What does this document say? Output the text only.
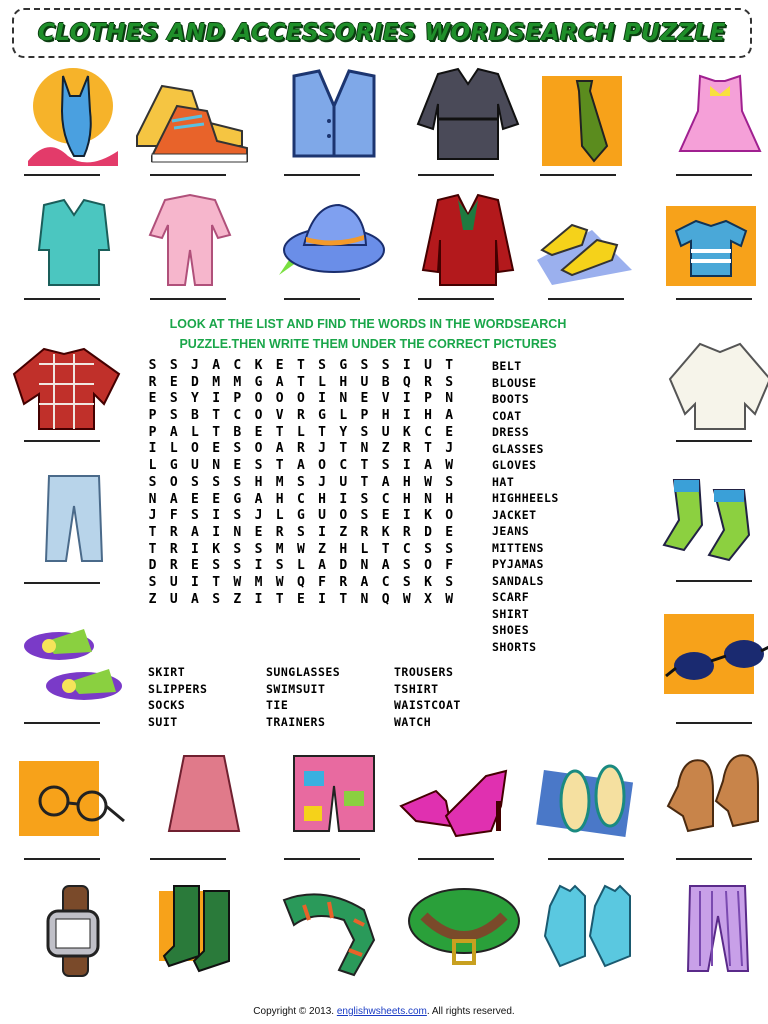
CLOTHES AND ACCESSORIES WORDSEARCH PUZZLE
LOOK AT THE LIST AND FIND THE WORDS IN THE WORDSEARCH
PUZZLE.THEN WRITE THEM UNDER THE CORRECT PICTURES
S	S	J	A	C	K	E	T	S	G	S	S	I	U	T
R	E	D	M	M	G	A	T	L	H	U	B	Q	R	S
E	S	Y	I	P	O	O	O	I	N	E	V	I	P	N
P	S	B	T	C	O	V	R	G	L	P	H	I	H	A
P	A	L	T	B	E	T	L	T	Y	S	U	K	C	E
I	L	O	E	S	O	A	R	J	T	N	Z	R	T	J
L	G	U	N	E	S	T	A	O	C	T	S	I	A	W
S	O	S	S	S	H	M	S	J	U	T	A	H	W	S
N	A	E	E	G	A	H	C	H	I	S	C	H	N	H
J	F	S	I	S	J	L	G	U	O	S	E	I	K	O
T	R	A	I	N	E	R	S	I	Z	R	K	R	D	E
T	R	I	K	S	S	M	W	Z	H	L	T	C	S	S
D	R	E	S	S	I	S	L	A	D	N	A	S	O	F
S	U	I	T	W	M	W	Q	F	R	A	C	S	K	S
Z	U	A	S	Z	I	T	E	I	T	N	Q	W	X	W
BELT
BLOUSE
BOOTS
COAT
DRESS
GLASSES
GLOVES
HAT
HIGHHEELS
JACKET
JEANS
MITTENS
PYJAMAS
SANDALS
SCARF
SHIRT
SHOES
SHORTS
SKIRT
SLIPPERS
SOCKS
SUIT
SUNGLASSES
SWIMSUIT
TIE
TRAINERS
TROUSERS
TSHIRT
WAISTCOAT
WATCH
Copyright © 2013. englishwsheets.com. All rights reserved.
